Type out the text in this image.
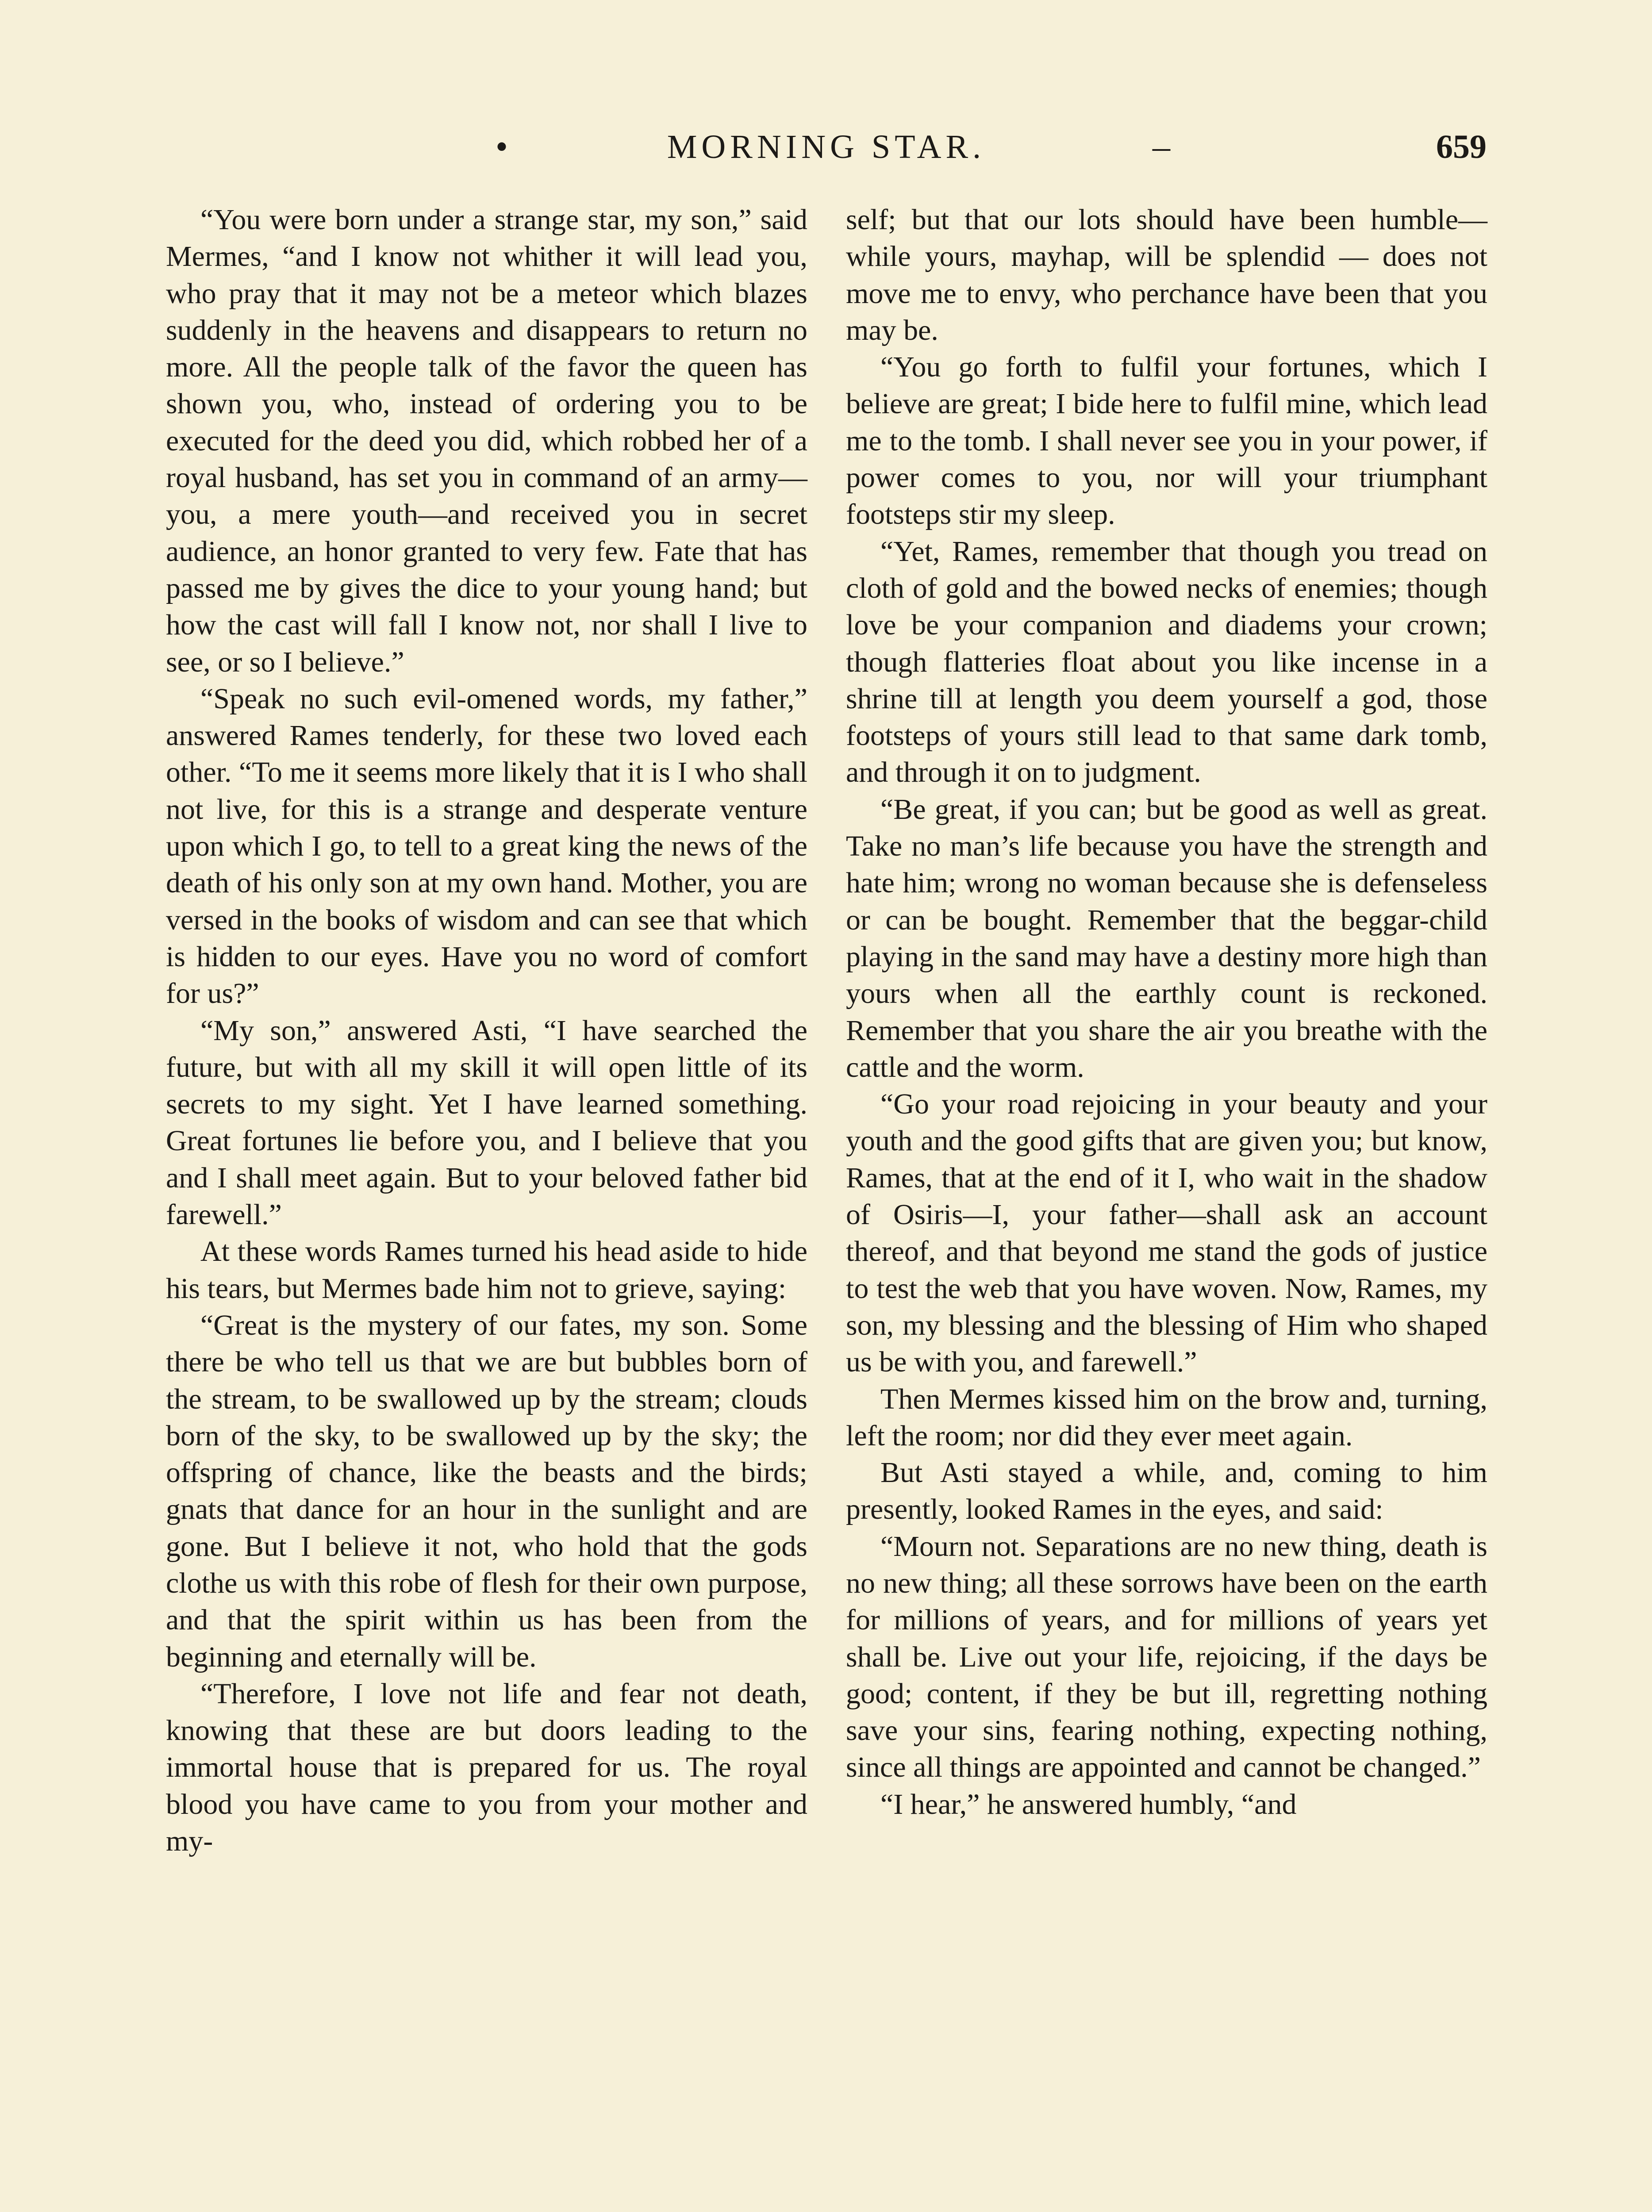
•	MORNING STAR.	–	659

“You were born under a strange star, my son,” said Mermes, “and I know not whither it will lead you, who pray that it may not be a meteor which blazes suddenly in the heavens and disappears to return no more. All the people talk of the favor the queen has shown you, who, instead of ordering you to be executed for the deed you did, which robbed her of a royal husband, has set you in command of an army—you, a mere youth—and received you in secret audience, an honor granted to very few. Fate that has passed me by gives the dice to your young hand; but how the cast will fall I know not, nor shall I live to see, or so I believe.”

“Speak no such evil-omened words, my father,” answered Rames tenderly, for these two loved each other. “To me it seems more likely that it is I who shall not live, for this is a strange and desperate venture upon which I go, to tell to a great king the news of the death of his only son at my own hand. Mother, you are versed in the books of wisdom and can see that which is hidden to our eyes. Have you no word of comfort for us?”

“My son,” answered Asti, “I have searched the future, but with all my skill it will open little of its secrets to my sight. Yet I have learned something. Great fortunes lie before you, and I believe that you and I shall meet again. But to your beloved father bid farewell.”

At these words Rames turned his head aside to hide his tears, but Mermes bade him not to grieve, saying:

“Great is the mystery of our fates, my son. Some there be who tell us that we are but bubbles born of the stream, to be swallowed up by the stream; clouds born of the sky, to be swallowed up by the sky; the offspring of chance, like the beasts and the birds; gnats that dance for an hour in the sunlight and are gone. But I believe it not, who hold that the gods clothe us with this robe of flesh for their own purpose, and that the spirit within us has been from the beginning and eternally will be.

“Therefore, I love not life and fear not death, knowing that these are but doors leading to the immortal house that is prepared for us. The royal blood you have came to you from your mother and my-

self; but that our lots should have been humble— while yours, mayhap, will be splendid — does not move me to envy, who perchance have been that you may be.

“You go forth to fulfil your fortunes, which I believe are great; I bide here to fulfil mine, which lead me to the tomb. I shall never see you in your power, if power comes to you, nor will your triumphant footsteps stir my sleep.

“Yet, Rames, remember that though you tread on cloth of gold and the bowed necks of enemies; though love be your companion and diadems your crown; though flatteries float about you like incense in a shrine till at length you deem yourself a god, those footsteps of yours still lead to that same dark tomb, and through it on to judgment.

“Be great, if you can; but be good as well as great. Take no man’s life because you have the strength and hate him; wrong no woman because she is defenseless or can be bought. Remember that the beggar-child playing in the sand may have a destiny more high than yours when all the earthly count is reckoned. Remember that you share the air you breathe with the cattle and the worm.

“Go your road rejoicing in your beauty and your youth and the good gifts that are given you; but know, Rames, that at the end of it I, who wait in the shadow of Osiris—I, your father—shall ask an account thereof, and that beyond me stand the gods of justice to test the web that you have woven. Now, Rames, my son, my blessing and the blessing of Him who shaped us be with you, and farewell.”

Then Mermes kissed him on the brow and, turning, left the room; nor did they ever meet again.

But Asti stayed a while, and, coming to him presently, looked Rames in the eyes, and said:

“Mourn not. Separations are no new thing, death is no new thing; all these sorrows have been on the earth for millions of years, and for millions of years yet shall be. Live out your life, rejoicing, if the days be good; content, if they be but ill, regretting nothing save your sins, fearing nothing, expecting nothing, since all things are appointed and cannot be changed.”

“I hear,” he answered humbly, “and
